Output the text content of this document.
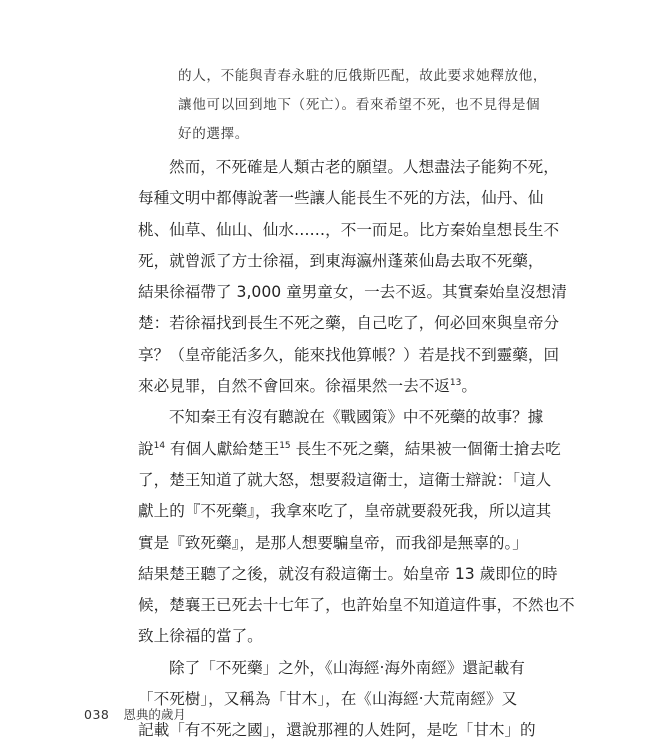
的人，不能與青春永駐的厄俄斯匹配，故此要求她釋放他，
讓他可以回到地下（死亡）。看來希望不死，也不見得是個
好的選擇。

然而，不死確是人類古老的願望。人想盡法子能夠不死，
每種文明中都傳說著一些讓人能長生不死的方法，仙丹、仙
桃、仙草、仙山、仙水……，不一而足。比方秦始皇想長生不
死，就曾派了方士徐福，到東海瀛州蓬萊仙島去取不死藥，
結果徐福帶了 3,000 童男童女，一去不返。其實秦始皇沒想清
楚：若徐福找到長生不死之藥，自己吃了，何必回來與皇帝分
享？（皇帝能活多久，能來找他算帳？）若是找不到靈藥，回
來必見罪，自然不會回來。徐福果然一去不返$^{13}$。

不知秦王有沒有聽說在《戰國策》中不死藥的故事？據
說$^{14}$ 有個人獻給楚王$^{15}$ 長生不死之藥，結果被一個衛士搶去吃
了，楚王知道了就大怒，想要殺這衛士，這衛士辯說：「這人
獻上的『不死藥』，我拿來吃了，皇帝就要殺死我，所以這其
實是『致死藥』，是那人想要騙皇帝，而我卻是無辜的。」
結果楚王聽了之後，就沒有殺這衛士。始皇帝 13 歲即位的時
候，楚襄王已死去十七年了，也許始皇不知道這件事，不然也不
致上徐福的當了。

除了「不死藥」之外，《山海經‧海外南經》還記載有
「不死樹」，又稱為「甘木」，在《山海經‧大荒南經》又
記載「有不死之國」，還說那裡的人姓阿，是吃「甘木」的

038 恩典的歲月
